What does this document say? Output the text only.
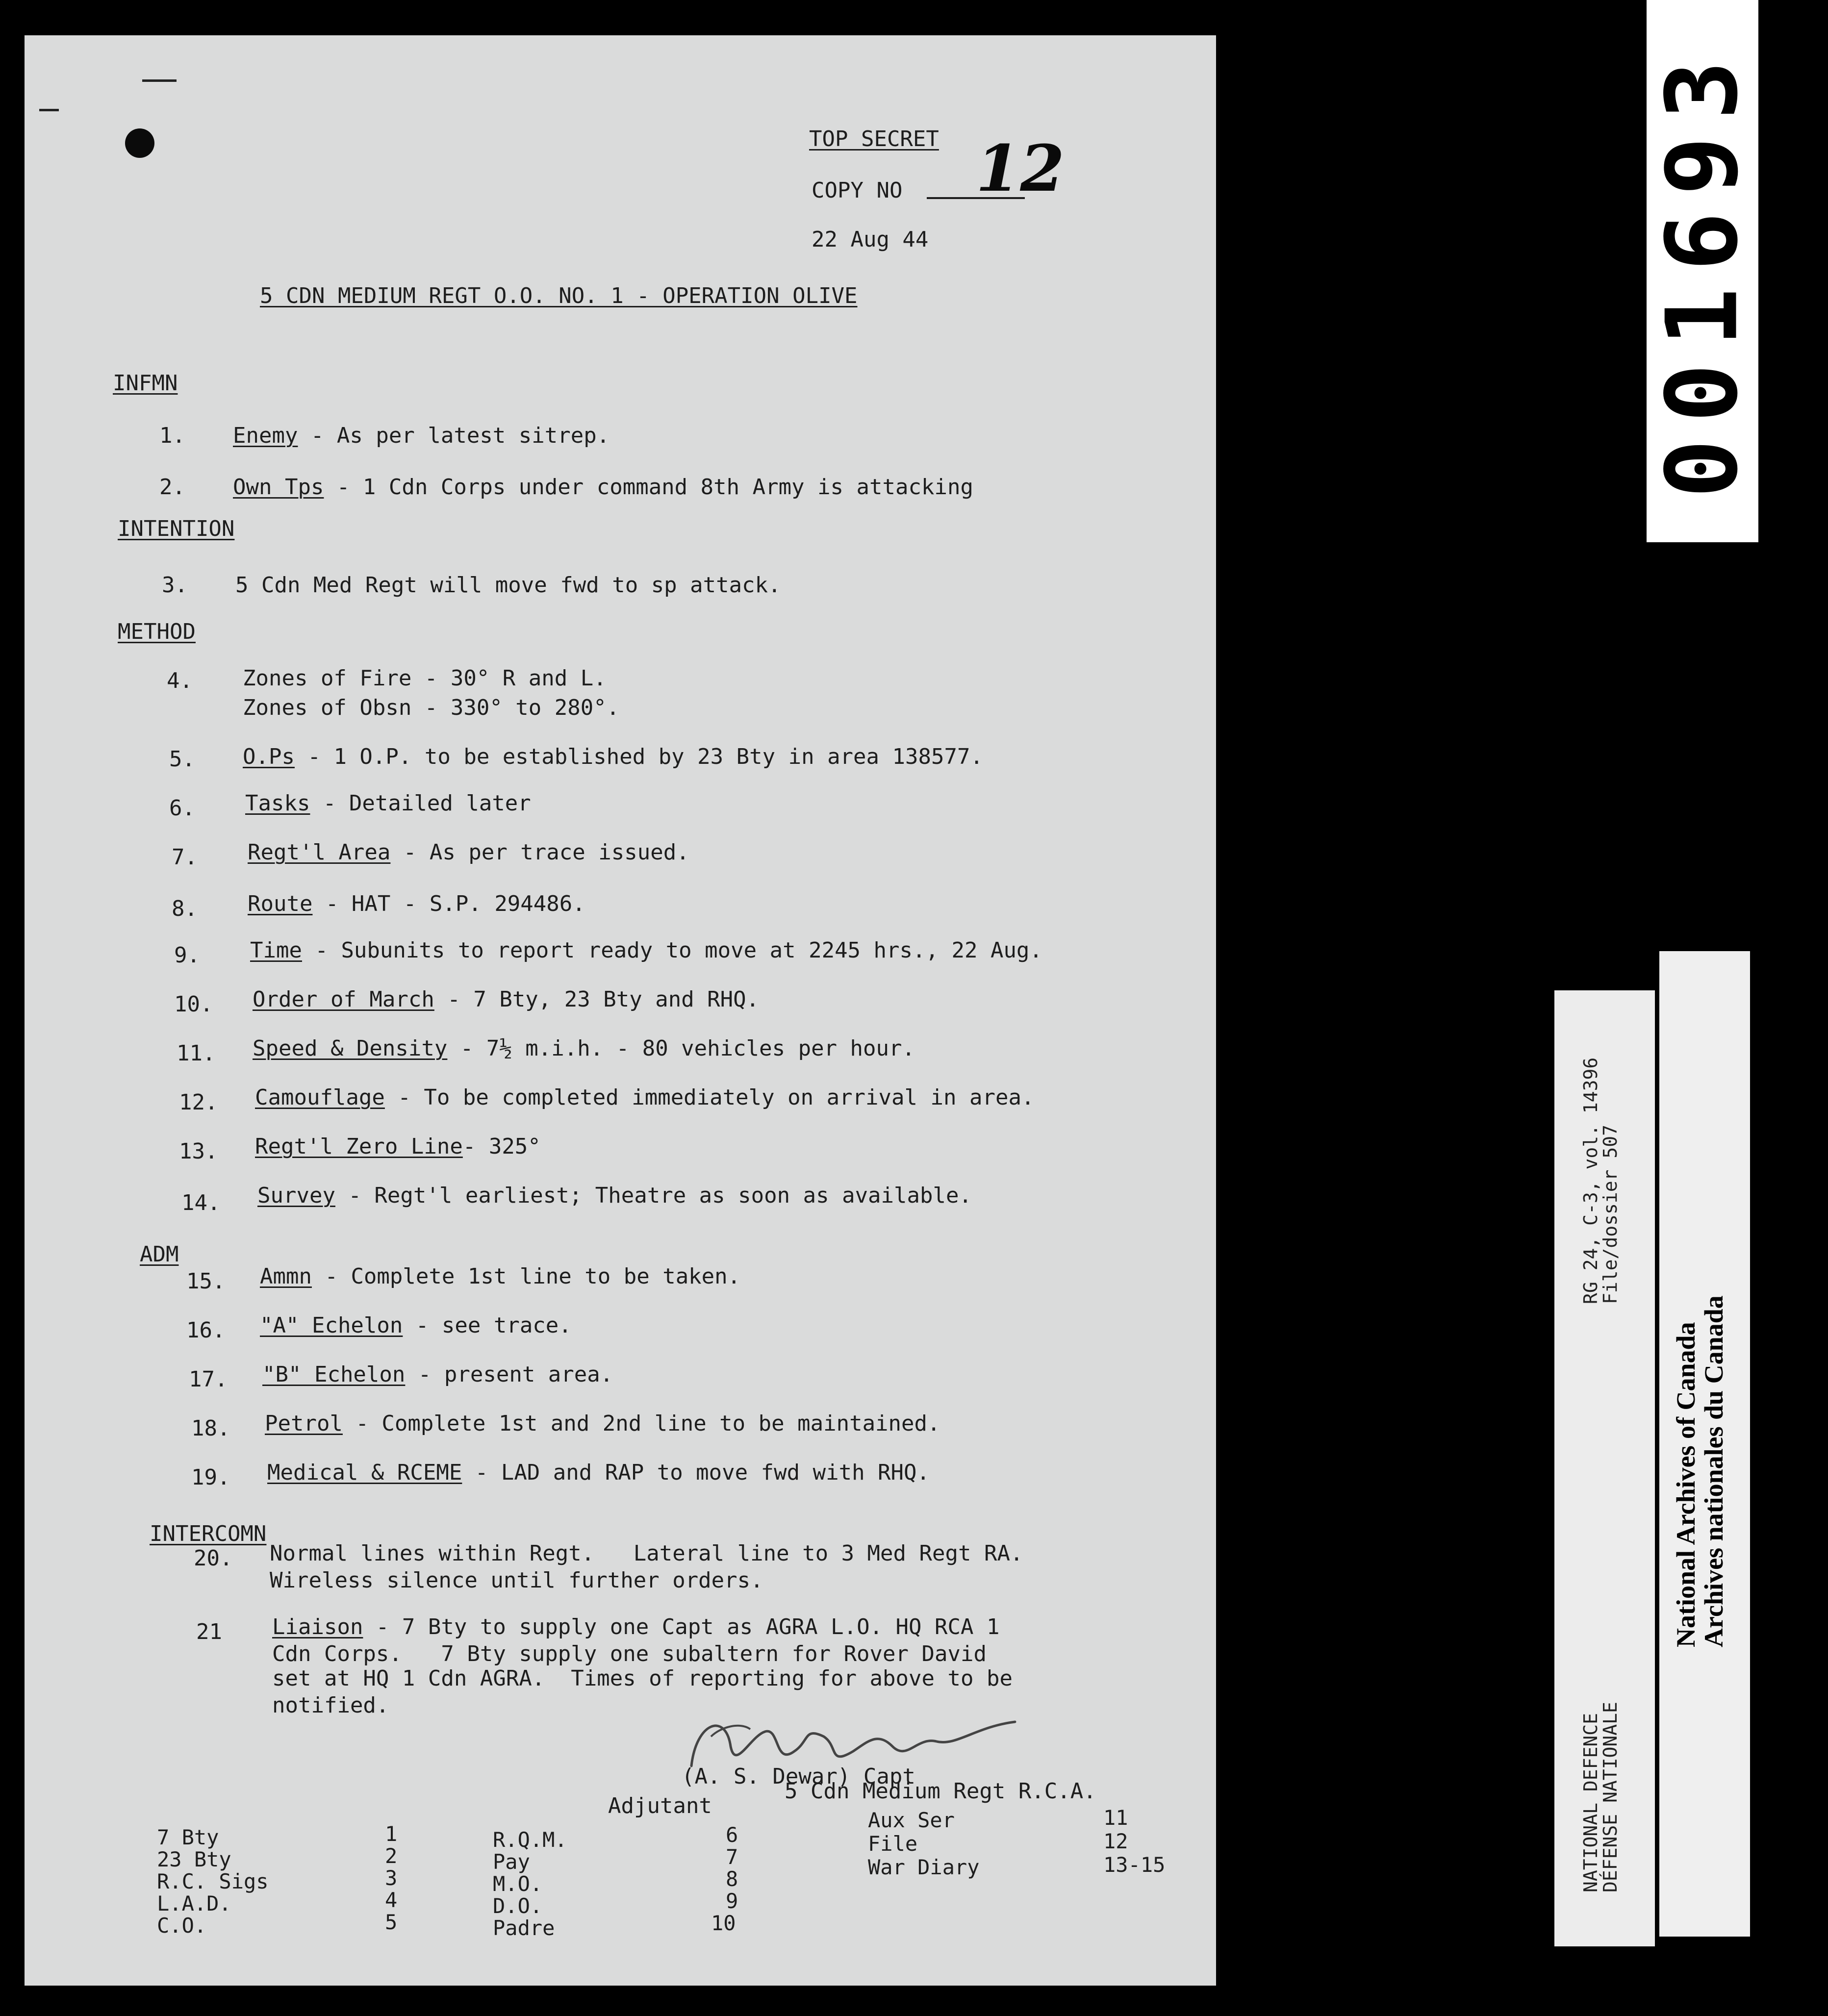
TOP SECRET
COPY NO 12
22 Aug 44
5 CDN MEDIUM REGT O.O. NO. 1 - OPERATION OLIVE
INFMN
1. Enemy - As per latest sitrep.
2. Own Tps - 1 Cdn Corps under command 8th Army is attacking
INTENTION
3. 5 Cdn Med Regt will move fwd to sp attack.
METHOD
4. Zones of Fire - 30° R and L.
Zones of Obsn - 330° to 280°.
5. O.Ps - 1 O.P. to be established by 23 Bty in area 138577.
6. Tasks - Detailed later
7. Regt'l Area - As per trace issued.
8. Route - HAT - S.P. 294486.
9. Time - Subunits to report ready to move at 2245 hrs., 22 Aug.
10. Order of March - 7 Bty, 23 Bty and RHQ.
11. Speed & Density - 7½ m.i.h. - 80 vehicles per hour.
12. Camouflage - To be completed immediately on arrival in area.
13. Regt'l Zero Line- 325°
14. Survey - Regt'l earliest; Theatre as soon as available.
ADM
15. Ammn - Complete 1st line to be taken.
16. "A" Echelon - see trace.
17. "B" Echelon - present area.
18. Petrol - Complete 1st and 2nd line to be maintained.
19. Medical & RCEME - LAD and RAP to move fwd with RHQ.
INTERCOMN
20. Normal lines within Regt.   Lateral line to 3 Med Regt RA.
Wireless silence until further orders.
21 Liaison - 7 Bty to supply one Capt as AGRA L.O. HQ RCA 1
Cdn Corps.   7 Bty supply one subaltern for Rover David
set at HQ 1 Cdn AGRA.  Times of reporting for above to be
notified.
(A. S. Dewar) Capt
Adjutant
5 Cdn Medium Regt R.C.A.
7 Bty
23 Bty
R.C. Sigs
L.A.D.
C.O.
1
2
3
4
5
R.Q.M.
Pay
M.O.
D.O.
Padre
6
7
8
9
10
Aux Ser
File
War Diary
11
12
13-15
001693
RG 24, C-3, vol. 14396
File/dossier 507
NATIONAL DEFENCE
DÉFENSE NATIONALE
National Archives of Canada
Archives nationales du Canada
